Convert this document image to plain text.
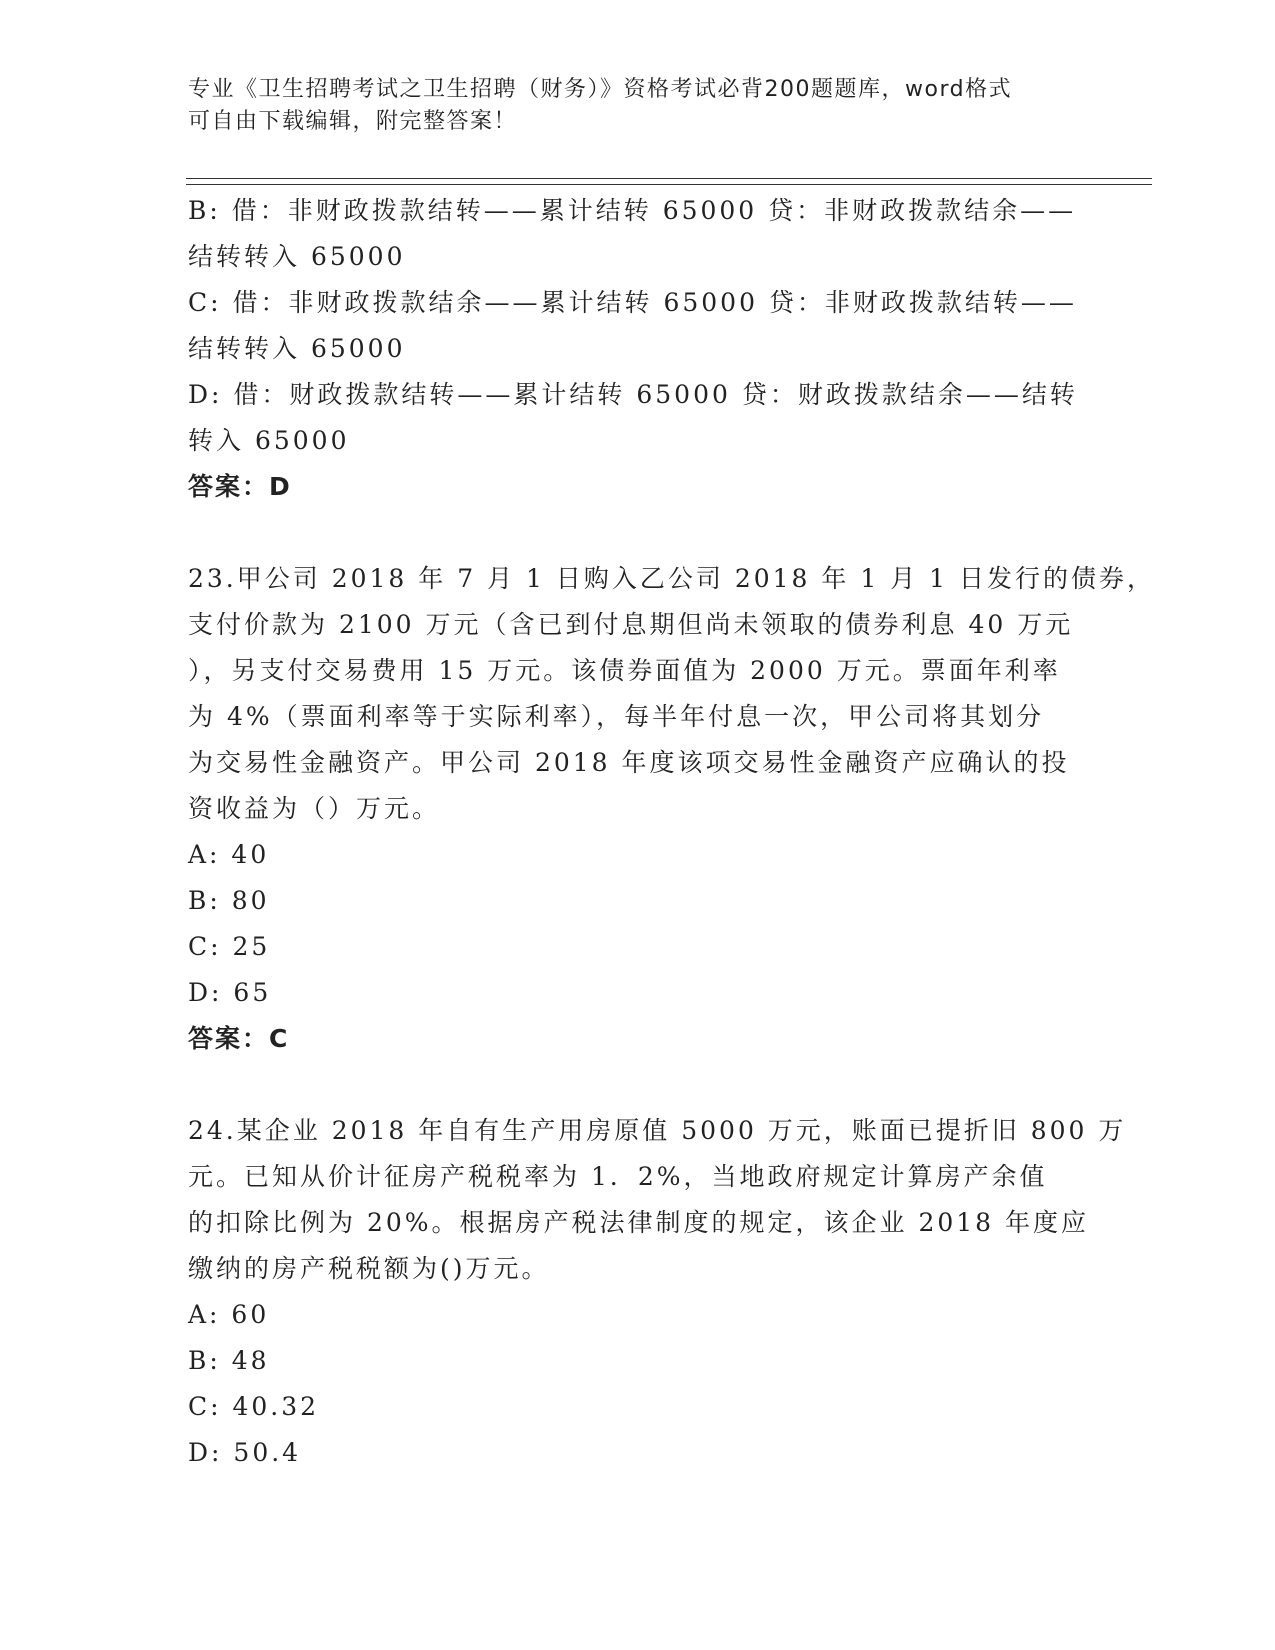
专业《卫生招聘考试之卫生招聘（财务）》资格考试必背200题题库，word格式
可自由下载编辑，附完整答案！
B: 借：非财政拨款结转——累计结转 65000 贷：非财政拨款结余——
结转转入 65000
C: 借：非财政拨款结余——累计结转 65000 贷：非财政拨款结转——
结转转入 65000
D: 借：财政拨款结转——累计结转 65000 贷：财政拨款结余——结转
转入 65000
答案：D
23.甲公司 2018 年 7 月 1 日购入乙公司 2018 年 1 月 1 日发行的债券，
支付价款为 2100 万元（含已到付息期但尚未领取的债券利息 40 万元
），另支付交易费用 15 万元。该债券面值为 2000 万元。票面年利率
为 4%（票面利率等于实际利率），每半年付息一次，甲公司将其划分
为交易性金融资产。甲公司 2018 年度该项交易性金融资产应确认的投
资收益为（）万元。
A: 40
B: 80
C: 25
D: 65
答案：C
24.某企业 2018 年自有生产用房原值 5000 万元，账面已提折旧 800 万
元。已知从价计征房产税税率为 1．2%，当地政府规定计算房产余值
的扣除比例为 20%。根据房产税法律制度的规定，该企业 2018 年度应
缴纳的房产税税额为()万元。
A: 60
B: 48
C: 40.32
D: 50.4
